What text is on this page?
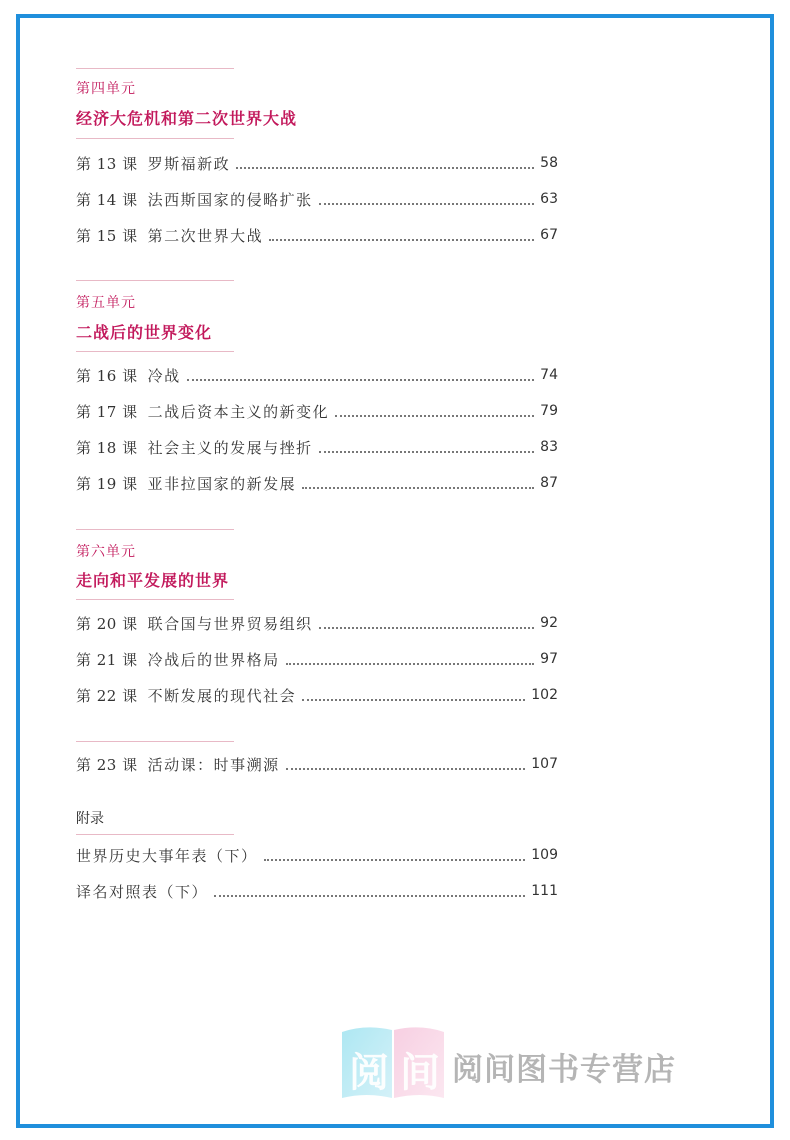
第四单元
经济大危机和第二次世界大战
第 13 课 罗斯福新政	58
第 14 课 法西斯国家的侵略扩张	63
第 15 课 第二次世界大战	67
第五单元
二战后的世界变化
第 16 课 冷战	74
第 17 课 二战后资本主义的新变化	79
第 18 课 社会主义的发展与挫折	83
第 19 课 亚非拉国家的新发展	87
第六单元
走向和平发展的世界
第 20 课 联合国与世界贸易组织	92
第 21 课 冷战后的世界格局	97
第 22 课 不断发展的现代社会	102
第 23 课 活动课：时事溯源	107
附录
世界历史大事年表（下）	109
译名对照表（下）	111
阅 间 阅间图书专营店
